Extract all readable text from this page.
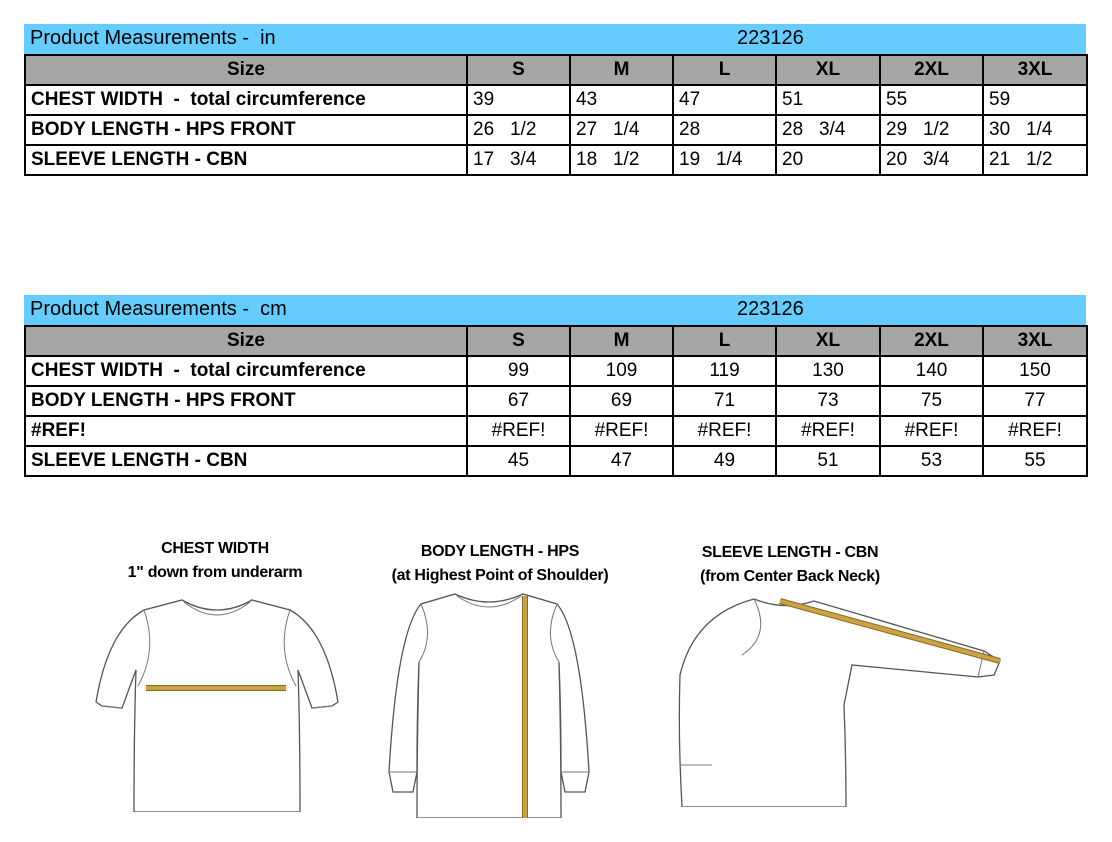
Product Measurements -  in	223126
Size	S	M	L	XL	2XL	3XL
CHEST WIDTH  -  total circumference	39	43	47	51	55	59
BODY LENGTH - HPS FRONT	26   1/2	27   1/4	28	28   3/4	29   1/2	30   1/4
SLEEVE LENGTH - CBN	17   3/4	18   1/2	19   1/4	20	20   3/4	21   1/2
Product Measurements -  cm	223126
Size	S	M	L	XL	2XL	3XL
CHEST WIDTH  -  total circumference	99	109	119	130	140	150
BODY LENGTH - HPS FRONT	67	69	71	73	75	77
#REF!	#REF!	#REF!	#REF!	#REF!	#REF!	#REF!
SLEEVE LENGTH - CBN	45	47	49	51	53	55
CHEST WIDTH
1" down from underarm
BODY LENGTH - HPS
(at Highest Point of Shoulder)
SLEEVE LENGTH - CBN
(from Center Back Neck)
